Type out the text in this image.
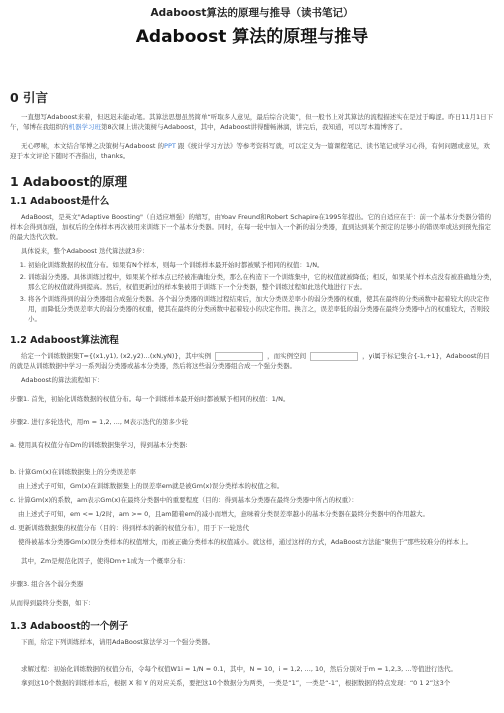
Adaboost算法的原理与推导（读书笔记）
Adaboost 算法的原理与推导
0 引言

一直想写Adaboost来着，但迟迟未能动笔。其算法思想虽然简单“听取多人意见，最后综合决策”，但一般书上对其算法的流程描述实在是过于晦涩。昨日11月1日下午，邹博在我组织的机器学习班第8次课上讲决策树与Adaboost，其中，Adaboost讲得酣畅淋漓，讲完后，我知道，可以写本篇博客了。

无心啰嗦，本文结合邹博之决策树与Adaboost 的PPT 跟《统计学习方法》等参考资料写就，可以定义为一篇课程笔记、读书笔记或学习心得，有何问题或意见，欢迎于本文评论下随时不吝指出，thanks。

1 Adaboost的原理
1.1 Adaboost是什么

AdaBoost，是英文"Adaptive Boosting"（自适应增强）的缩写，由Yoav Freund和Robert Schapire在1995年提出。它的自适应在于：前一个基本分类器分错的样本会得到加强，加权后的全体样本再次被用来训练下一个基本分类器。同时，在每一轮中加入一个新的弱分类器，直到达到某个预定的足够小的错误率或达到预先指定的最大迭代次数。

具体说来，整个Adaboost 迭代算法就3步：

1. 初始化训练数据的权值分布。如果有N个样本，则每一个训练样本最开始时都被赋予相同的权值：1/N。
2. 训练弱分类器。具体训练过程中，如果某个样本点已经被准确地分类，那么在构造下一个训练集中，它的权值就被降低；相反，如果某个样本点没有被准确地分类，那么它的权值就得到提高。然后，权值更新过的样本集被用于训练下一个分类器，整个训练过程如此迭代地进行下去。
3. 将各个训练得到的弱分类器组合成强分类器。各个弱分类器的训练过程结束后，加大分类误差率小的弱分类器的权重，使其在最终的分类函数中起着较大的决定作用，而降低分类误差率大的弱分类器的权重，使其在最终的分类函数中起着较小的决定作用。换言之，误差率低的弱分类器在最终分类器中占的权重较大，否则较小。
1.2 Adaboost算法流程

给定一个训练数据集T={(x1,y1), (x2,y2)…(xN,yN)}，其中实例	，而实例空间	，yi属于标记集合{-1,+1}，Adaboost的目的就是从训练数据中学习一系列弱分类器或基本分类器，然后将这些弱分类器组合成一个强分类器。

Adaboost的算法流程如下：

步骤1. 首先，初始化训练数据的权值分布。每一个训练样本最开始时都被赋予相同的权值：1/N。

步骤2. 进行多轮迭代，用m = 1,2, ..., M表示迭代的第多少轮

a. 使用具有权值分布Dm的训练数据集学习，得到基本分类器:

b. 计算Gm(x)在训练数据集上的分类误差率

由上述式子可知，Gm(x)在训练数据集上的误差率em就是被Gm(x)误分类样本的权值之和。

c. 计算Gm(x)的系数，am表示Gm(x)在最终分类器中的重要程度（目的：得到基本分类器在最终分类器中所占的权重）：

由上述式子可知，em <= 1/2时，am >= 0，且am随着em的减小而增大，意味着分类误差率越小的基本分类器在最终分类器中的作用越大。

d. 更新训练数据集的权值分布（目的：得到样本的新的权值分布），用于下一轮迭代

使得被基本分类器Gm(x)误分类样本的权值增大，而被正确分类样本的权值减小。就这样，通过这样的方式，AdaBoost方法能“聚焦于”那些较难分的样本上。

其中，Zm是规范化因子，使得Dm+1成为一个概率分布：

步骤3. 组合各个弱分类器

从而得到最终分类器，如下：

1.3 Adaboost的一个例子

下面，给定下列训练样本，请用AdaBoost算法学习一个强分类器。

求解过程：初始化训练数据的权值分布，令每个权值W1i = 1/N = 0.1，其中，N = 10，i = 1,2, ..., 10，然后分别对于m = 1,2,3, ...等值进行迭代。

拿到这10个数据的训练样本后，根据 X 和 Y 的对应关系，要把这10个数据分为两类，一类是“1”，一类是“-1”，根据数据的特点发现：“0 1 2”这3个
